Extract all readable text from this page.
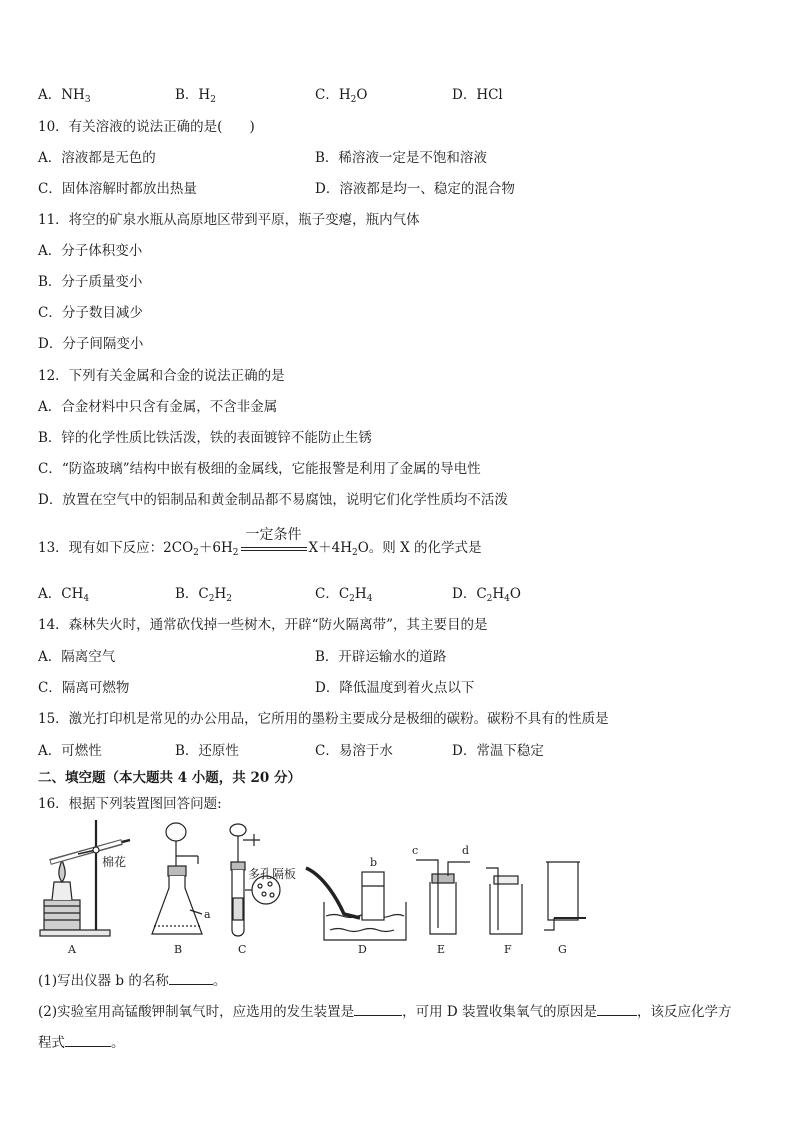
A．$NH_3$	B．$H_2$	C．$H_2O$	D．HCl
10．有关溶液的说法正确的是(　　)
A．溶液都是无色的	B．稀溶液一定是不饱和溶液
C．固体溶解时都放出热量	D．溶液都是均一、稳定的混合物
11．将空的矿泉水瓶从高原地区带到平原，瓶子变瘪，瓶内气体
A．分子体积变小
B．分子质量变小
C．分子数目减少
D．分子间隔变小
12．下列有关金属和合金的说法正确的是
A．合金材料中只含有金属，不含非金属
B．锌的化学性质比铁活泼，铁的表面镀锌不能防止生锈
C．“防盗玻璃”结构中嵌有极细的金属线，它能报警是利用了金属的导电性
D．放置在空气中的铝制品和黄金制品都不易腐蚀，说明它们化学性质均不活泼
13．现有如下反应：$2CO_2+6H_2$
一定条件
$X+4H_2O$。则 X 的化学式是
A．$CH_4$	B．$C_2H_2$	C．$C_2H_4$	D．$C_2H_4O$
14．森林失火时，通常砍伐掉一些树木，开辟“防火隔离带”，其主要目的是
A．隔离空气	B．开辟运输水的道路
C．隔离可燃物	D．降低温度到着火点以下
15．激光打印机是常见的办公用品，它所用的墨粉主要成分是极细的碳粉。碳粉不具有的性质是
A．可燃性	B．还原性	C．易溶于水	D．常温下稳定
二、填空题（本大题共 4 小题，共 20 分）
16．根据下列装置图回答问题:
棉花
A
a
B
多孔隔板
C
b
D
c	d
E	F	G
(1)写出仪器 b 的名称	。
(2)实验室用高锰酸钾制氧气时，应选用的发生装置是	，可用 D 装置收集氧气的原因是	，该反应化学方
程式	。
